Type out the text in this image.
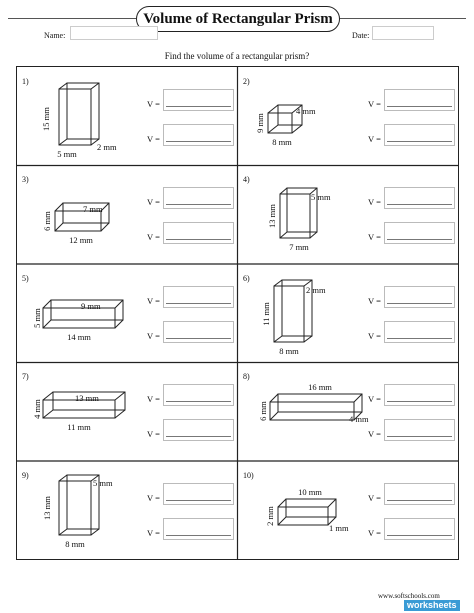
Volume of Rectangular Prism
Name:	Date:
Find the volume of a rectangular prism?
1)
15 mm
5 mm
2 mm
V =
V =
2)
9 mm
8 mm
4 mm
V =
V =
3)
6 mm
12 mm
7 mm
V =
V =
4)
13 mm
7 mm
5 mm	V =
V =
5)
5 mm
14 mm
9 mm	V =
V =
6)
11 mm
8 mm
2 mm
V =
V =
7)
4 mm
11 mm
13 mm	V =
V =
8)
6 mm
16 mm
4 mm
V =
V =
9)
13 mm
8 mm
5 mm
V =
V =
10)
2 mm
10 mm
1 mm
V =
V =
www.softschools.com
worksheets
